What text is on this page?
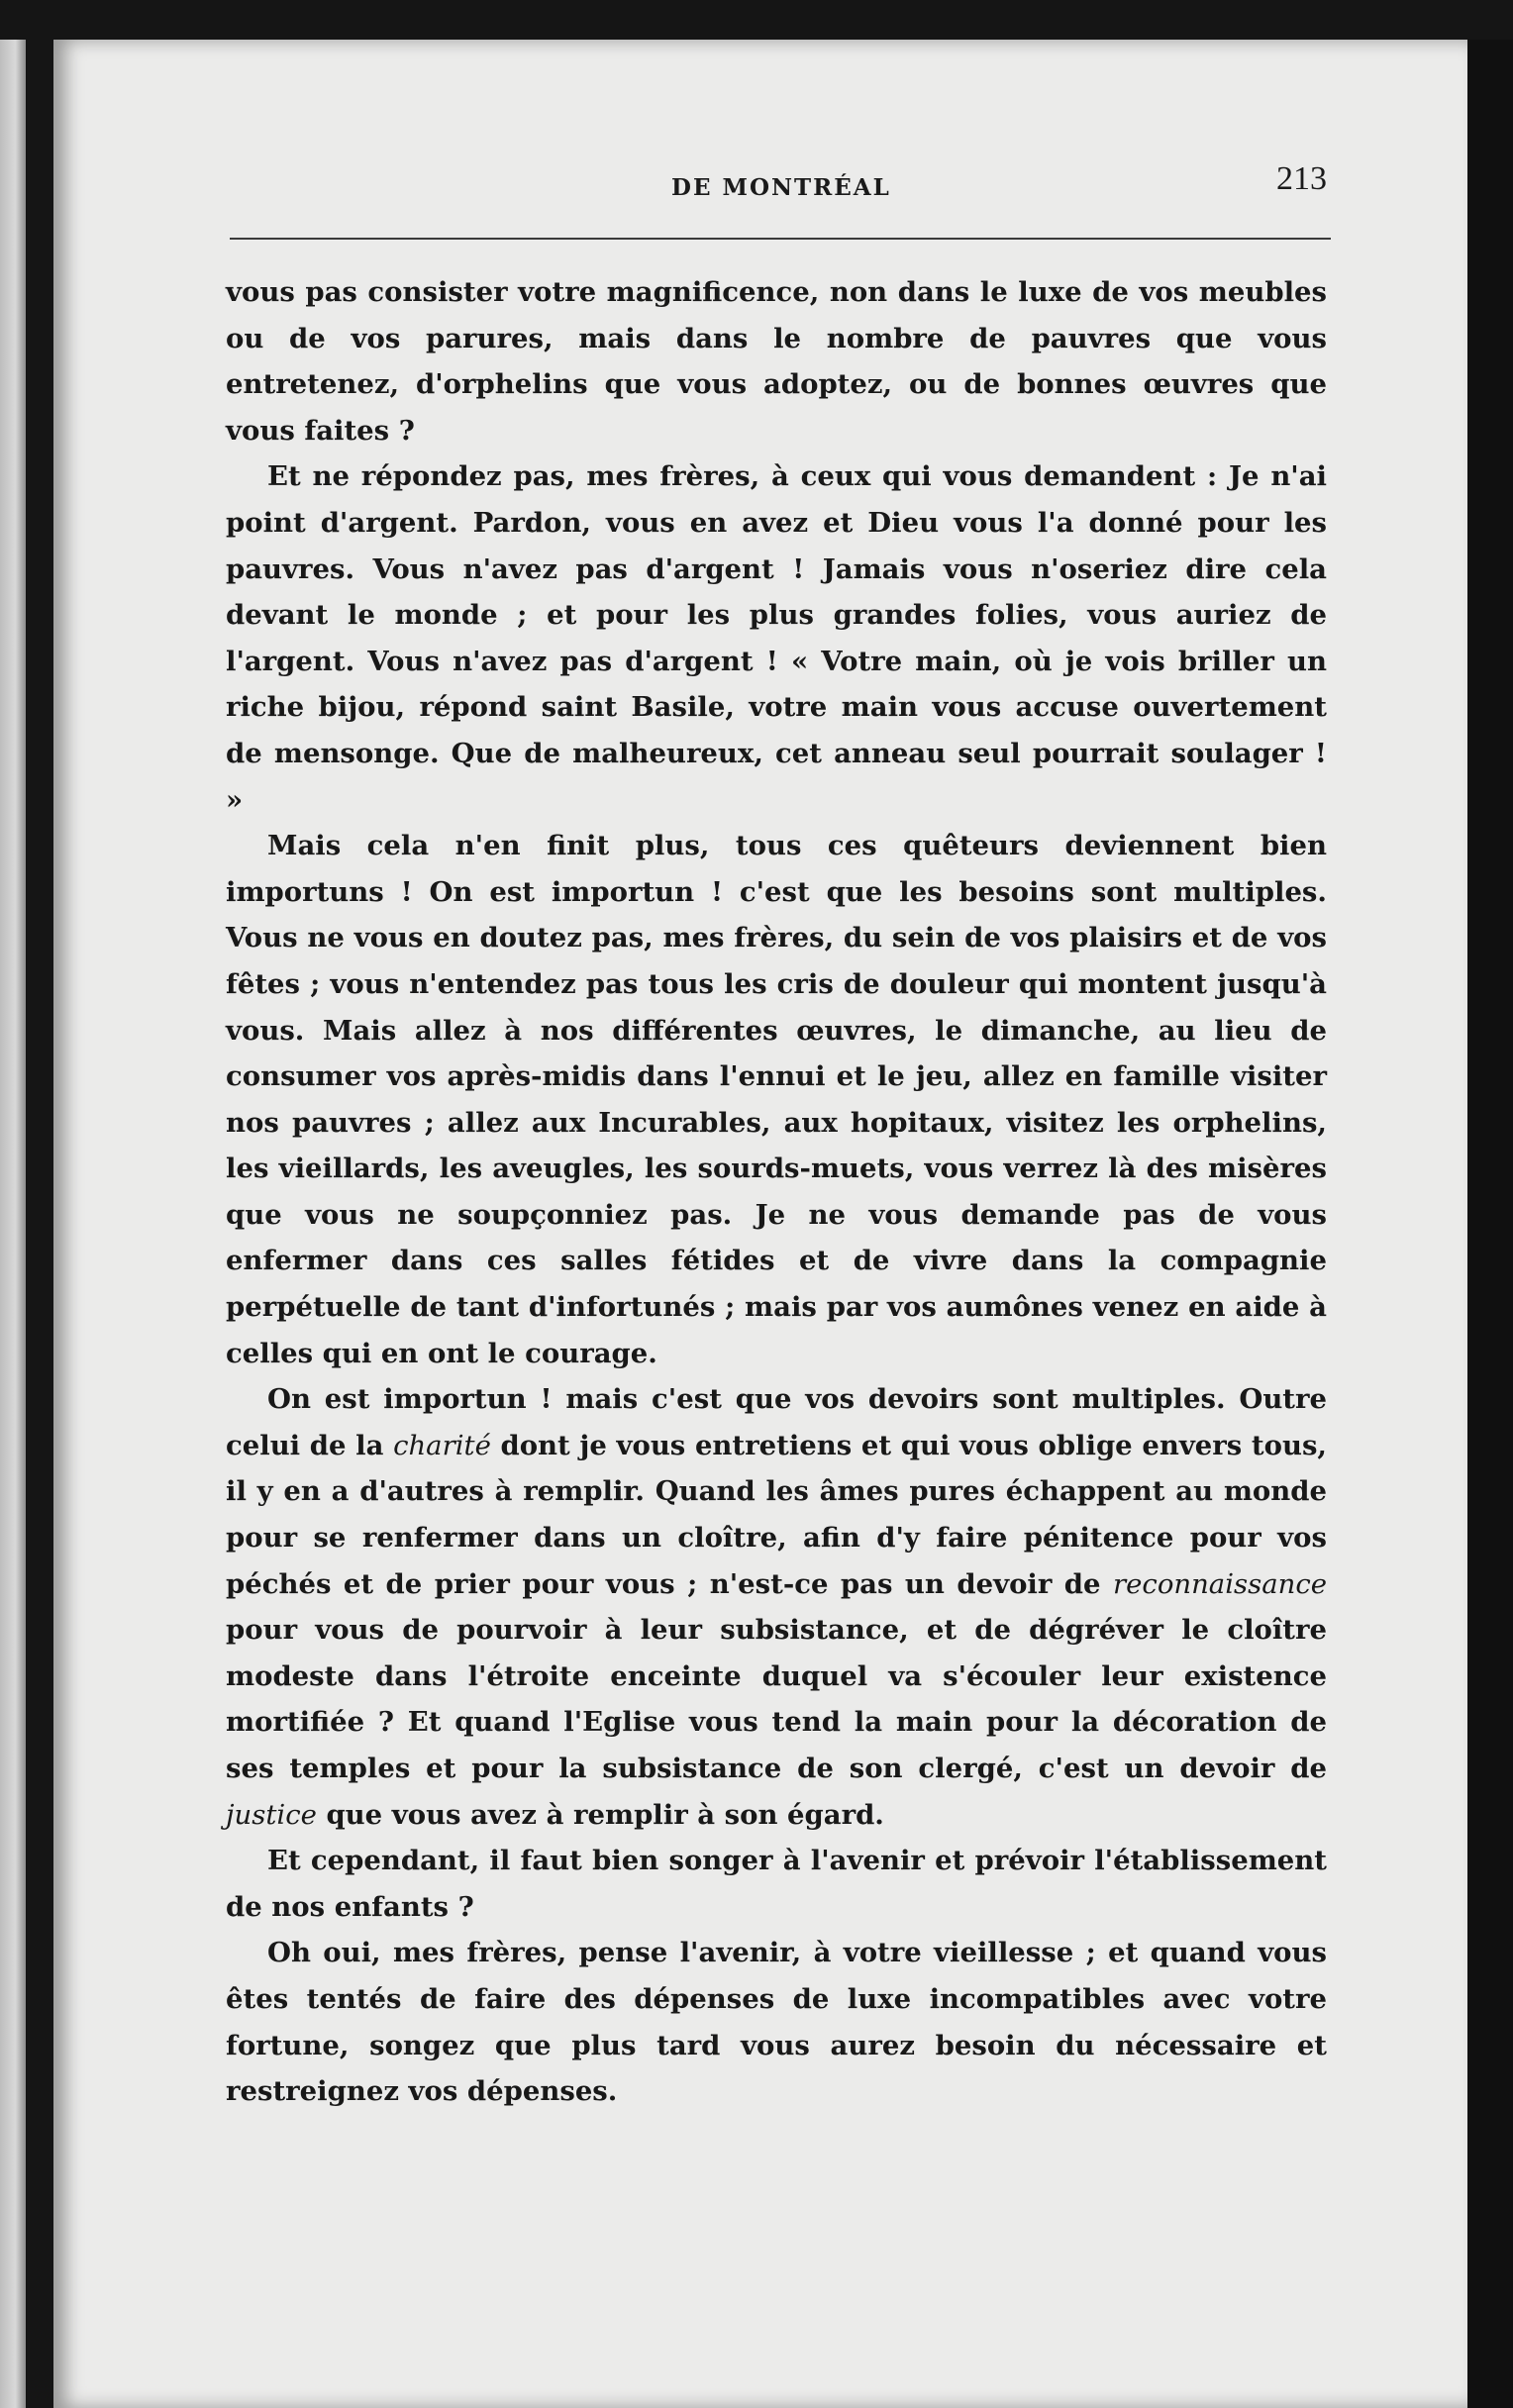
DE MONTRÉAL	213

vous pas consister votre magnificence, non dans le luxe de vos meubles ou de vos parures, mais dans le nombre de pauvres que vous entretenez, d'orphelins que vous adoptez, ou de bonnes œuvres que vous faites ?

Et ne répondez pas, mes frères, à ceux qui vous demandent : Je n'ai point d'argent. Pardon, vous en avez et Dieu vous l'a donné pour les pauvres. Vous n'avez pas d'argent ! Jamais vous n'oseriez dire cela devant le monde ; et pour les plus grandes folies, vous auriez de l'argent. Vous n'avez pas d'argent ! « Votre main, où je vois briller un riche bijou, répond saint Basile, votre main vous accuse ouvertement de mensonge. Que de malheureux, cet anneau seul pourrait soulager ! »

Mais cela n'en finit plus, tous ces quêteurs deviennent bien importuns ! On est importun ! c'est que les besoins sont multiples. Vous ne vous en doutez pas, mes frères, du sein de vos plaisirs et de vos fêtes ; vous n'entendez pas tous les cris de douleur qui montent jusqu'à vous. Mais allez à nos différentes œuvres, le dimanche, au lieu de consumer vos après-midis dans l'ennui et le jeu, allez en famille visiter nos pauvres ; allez aux Incurables, aux hopitaux, visitez les orphelins, les vieillards, les aveugles, les sourds-muets, vous verrez là des misères que vous ne soupçonniez pas. Je ne vous demande pas de vous enfermer dans ces salles fétides et de vivre dans la compagnie perpétuelle de tant d'infortunés ; mais par vos aumônes venez en aide à celles qui en ont le courage.

On est importun ! mais c'est que vos devoirs sont multiples. Outre celui de la charité dont je vous entretiens et qui vous oblige envers tous, il y en a d'autres à remplir. Quand les âmes pures échappent au monde pour se renfermer dans un cloître, afin d'y faire pénitence pour vos péchés et de prier pour vous ; n'est-ce pas un devoir de reconnaissance pour vous de pourvoir à leur subsistance, et de dégréver le cloître modeste dans l'étroite enceinte duquel va s'écouler leur existence mortifiée ? Et quand l'Eglise vous tend la main pour la décoration de ses temples et pour la subsistance de son clergé, c'est un devoir de justice que vous avez à remplir à son égard.

Et cependant, il faut bien songer à l'avenir et prévoir l'établissement de nos enfants ?

Oh oui, mes frères, pense l'avenir, à votre vieillesse ; et quand vous êtes tentés de faire des dépenses de luxe incompatibles avec votre fortune, songez que plus tard vous aurez besoin du nécessaire et restreignez vos dépenses.
